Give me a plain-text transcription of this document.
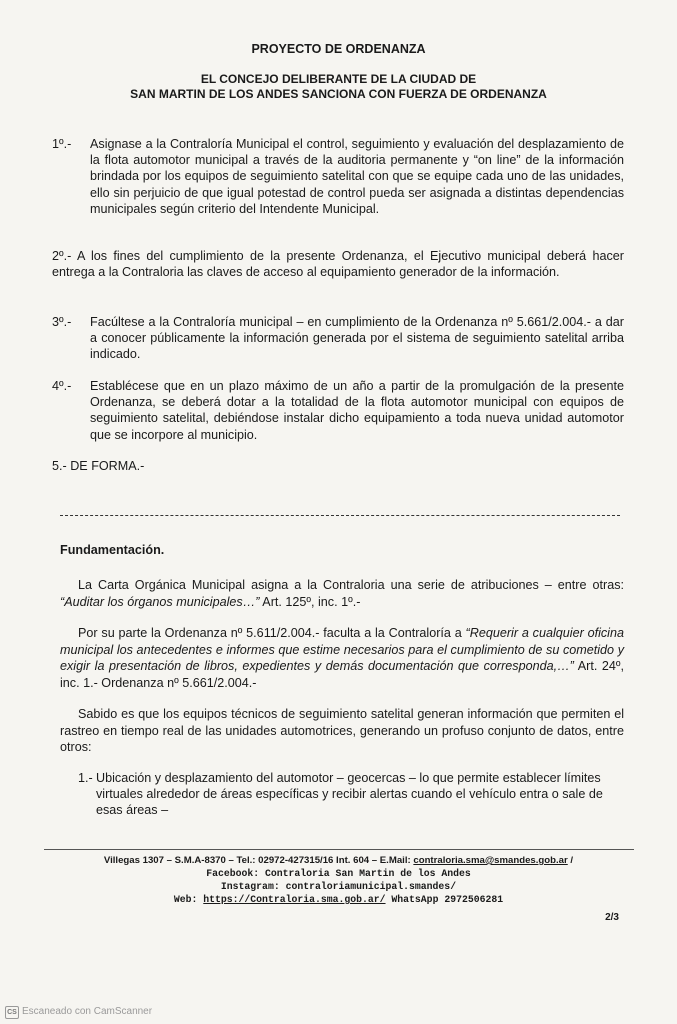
PROYECTO DE ORDENANZA
EL CONCEJO DELIBERANTE DE LA CIUDAD DE
SAN MARTIN DE LOS ANDES SANCIONA CON FUERZA DE ORDENANZA
1º.-	Asignase a la Contraloría Municipal el control, seguimiento y evaluación del desplazamiento de la flota automotor municipal a través de la auditoria permanente y “on line” de la información brindada por los equipos de seguimiento satelital con que se equipe cada uno de las unidades, ello sin perjuicio de que igual potestad de control pueda ser asignada a distintas dependencias municipales según criterio del Intendente Municipal.
2º.- A los fines del cumplimiento de la presente Ordenanza, el Ejecutivo municipal deberá hacer entrega a la Contraloria las claves de acceso al equipamiento generador de la información.
3º.-	Facúltese a la Contraloría municipal – en cumplimiento de la Ordenanza nº 5.661/2.004.- a dar a conocer públicamente la información generada por el sistema de seguimiento satelital arriba indicado.
4º.-	Establécese que en un plazo máximo de un año a partir de la promulgación de la presente Ordenanza, se deberá dotar a la totalidad de la flota automotor municipal con equipos de seguimiento satelital, debiéndose instalar dicho equipamiento a toda nueva unidad automotor que se incorpore al municipio.
5.- DE FORMA.-
Fundamentación.
La Carta Orgánica Municipal asigna a la Contraloria una serie de atribuciones – entre otras: “Auditar los órganos municipales…” Art. 125º, inc. 1º.-
Por su parte la Ordenanza nº 5.611/2.004.- faculta a la Contraloría a “Requerir a cualquier oficina municipal los antecedentes e informes que estime necesarios para el cumplimiento de su cometido y exigir la presentación de libros, expedientes y demás documentación que corresponda,…” Art. 24º, inc. 1.- Ordenanza nº 5.661/2.004.-
Sabido es que los equipos técnicos de seguimiento satelital generan información que permiten el rastreo en tiempo real de las unidades automotrices, generando un profuso conjunto de datos, entre otros:
1.- Ubicación y desplazamiento del automotor – geocercas – lo que permite establecer límites virtuales alrededor de áreas específicas y recibir alertas cuando el vehículo entra o sale de esas áreas –
Villegas 1307 – S.M.A-8370 – Tel.: 02972-427315/16 Int. 604 – E.Mail: contraloria.sma@smandes.gob.ar /
Facebook: Contraloria San Martin de los Andes
Instagram: contraloriamunicipal.smandes/
Web: https://Contraloria.sma.gob.ar/ WhatsApp 2972506281
2/3
CS Escaneado con CamScanner
